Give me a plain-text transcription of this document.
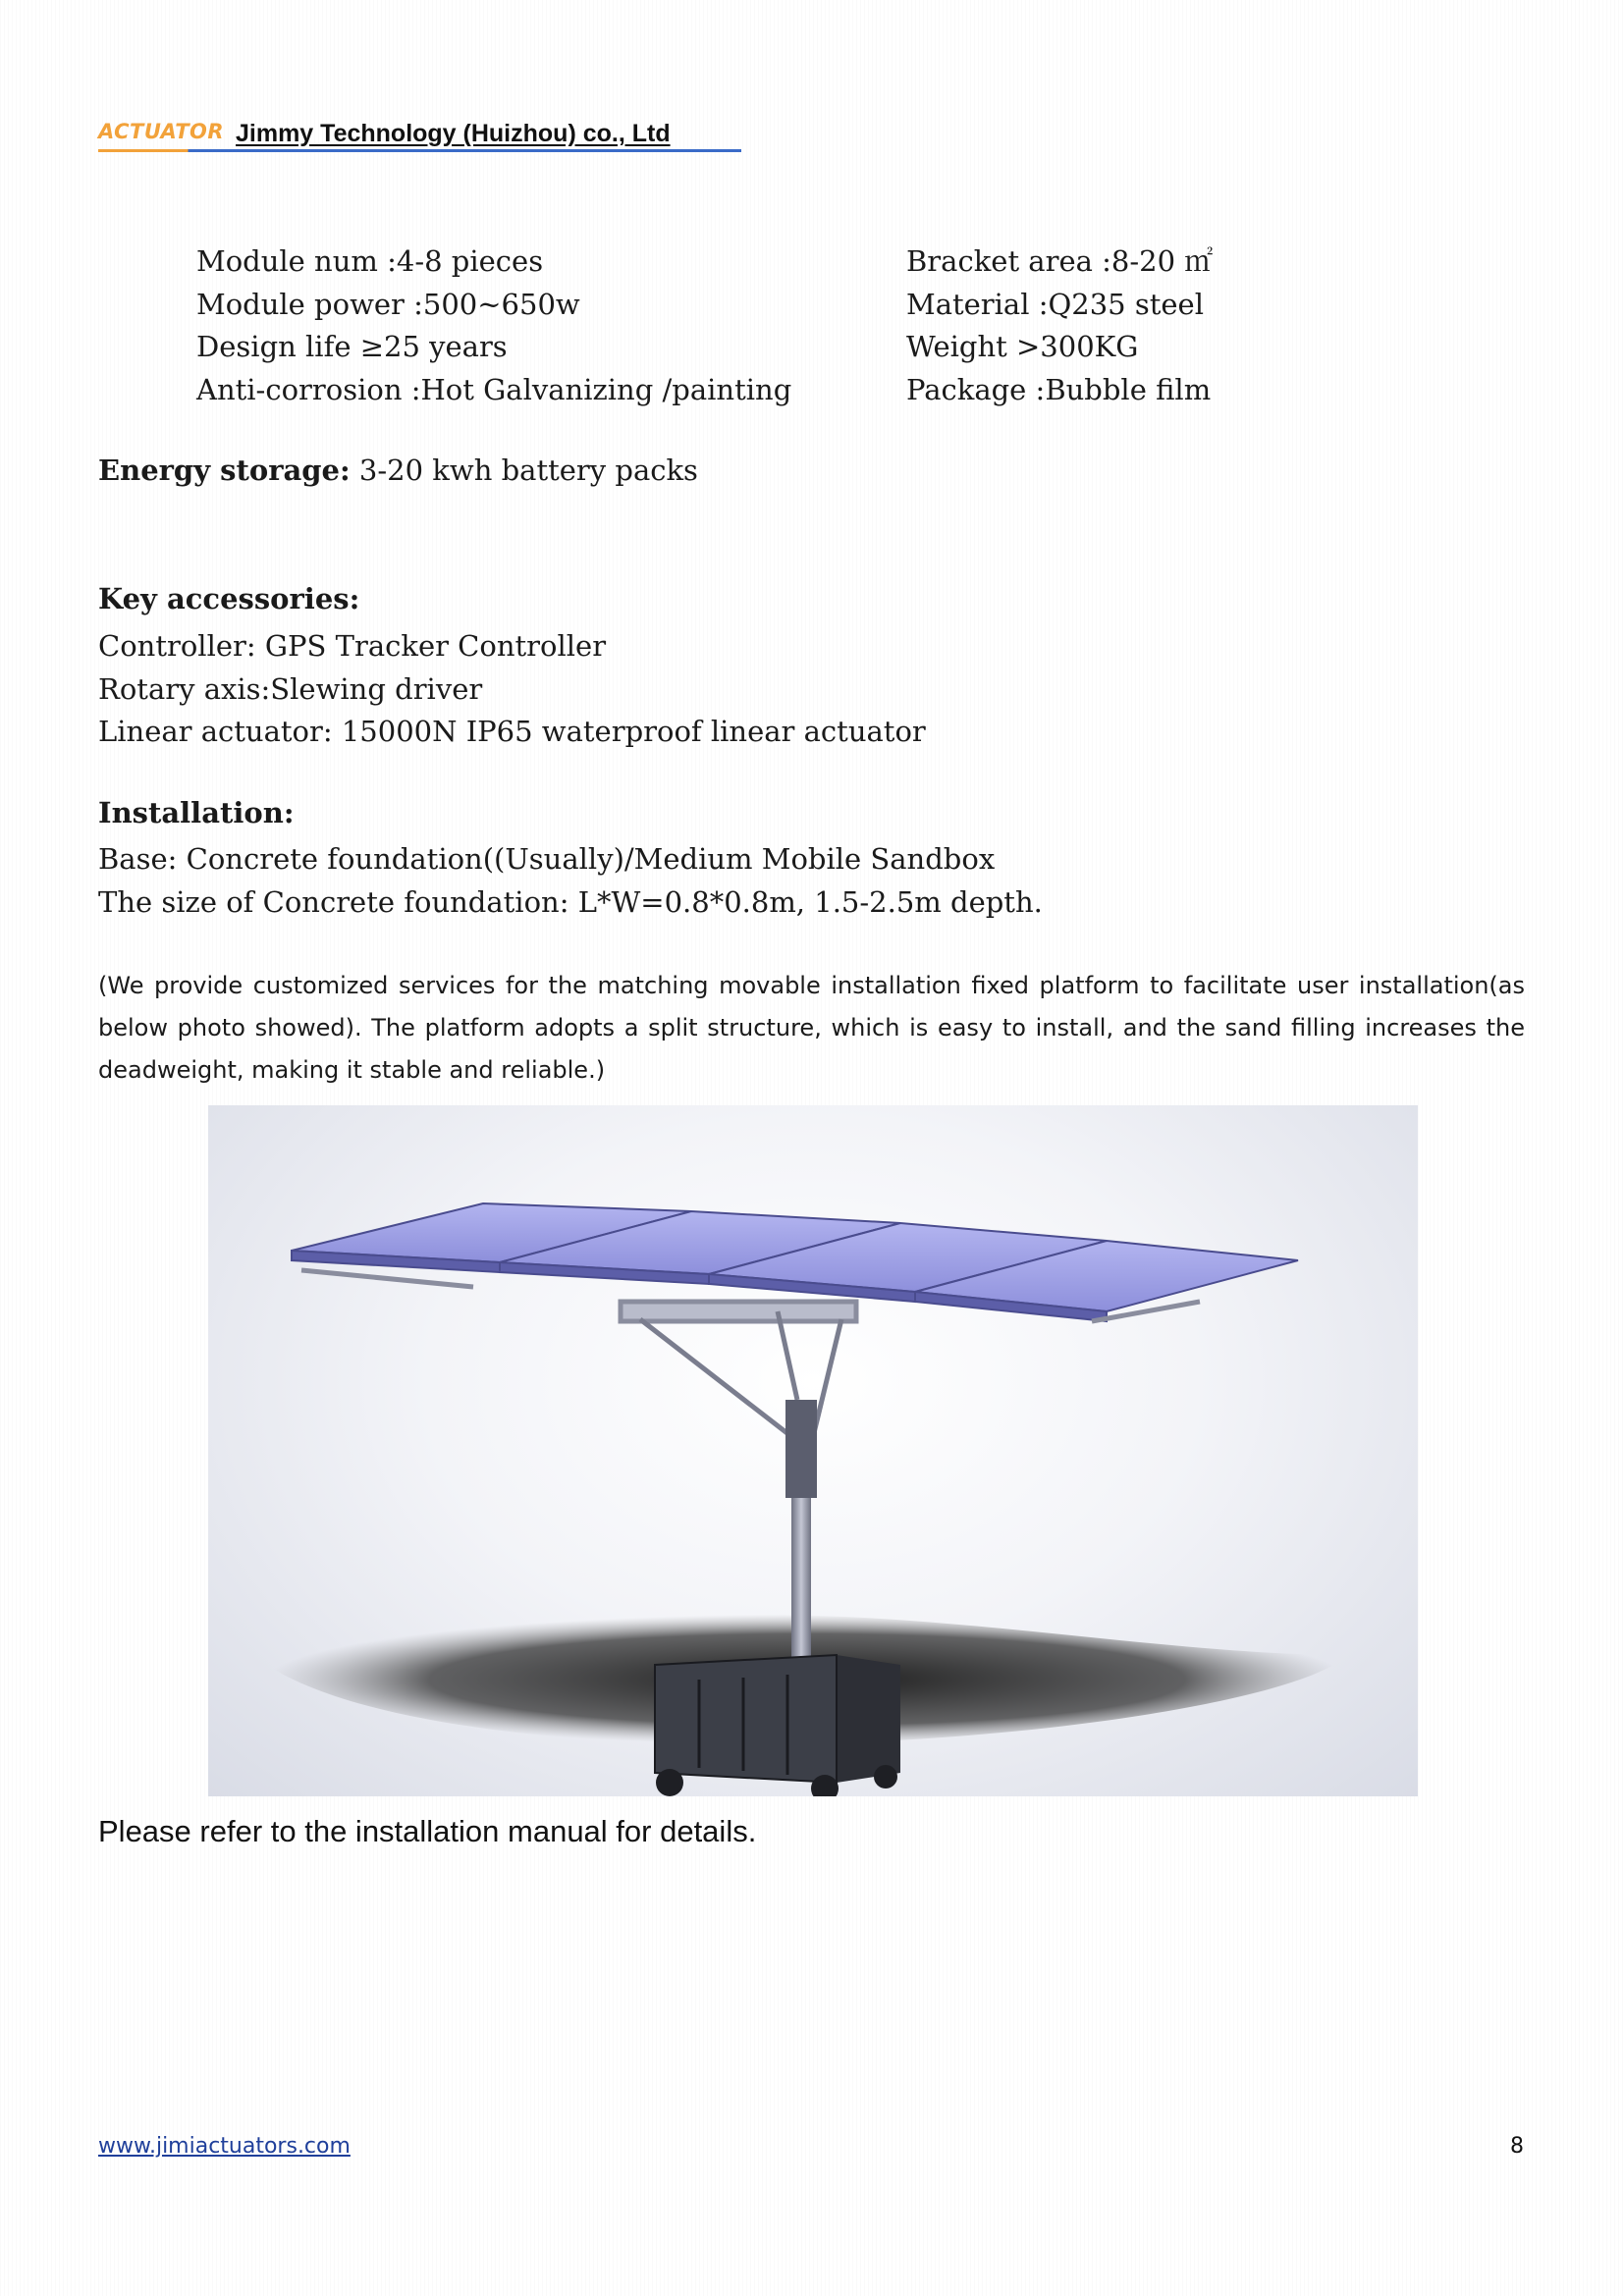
ACTUATOR Jimmy Technology (Huizhou) co., Ltd
Module num :4-8 pieces
Module power :500~650w
Design life ≥25 years
Anti-corrosion :Hot Galvanizing /painting
Bracket area :8-20 ㎡
Material :Q235 steel
Weight >300KG
Package :Bubble film
Energy storage: 3-20 kwh battery packs
Key accessories:
Controller: GPS Tracker Controller
Rotary axis:Slewing driver
Linear actuator: 15000N IP65 waterproof linear actuator
Installation:
Base: Concrete foundation((Usually)/Medium Mobile Sandbox
The size of Concrete foundation: L*W=0.8*0.8m, 1.5-2.5m depth.
(We provide customized services for the matching movable installation fixed platform to facilitate user installation(as below photo showed). The platform adopts a split structure, which is easy to install, and the sand filling increases the deadweight, making it stable and reliable.)
Please refer to the installation manual for details.
www.jimiactuators.com	8
